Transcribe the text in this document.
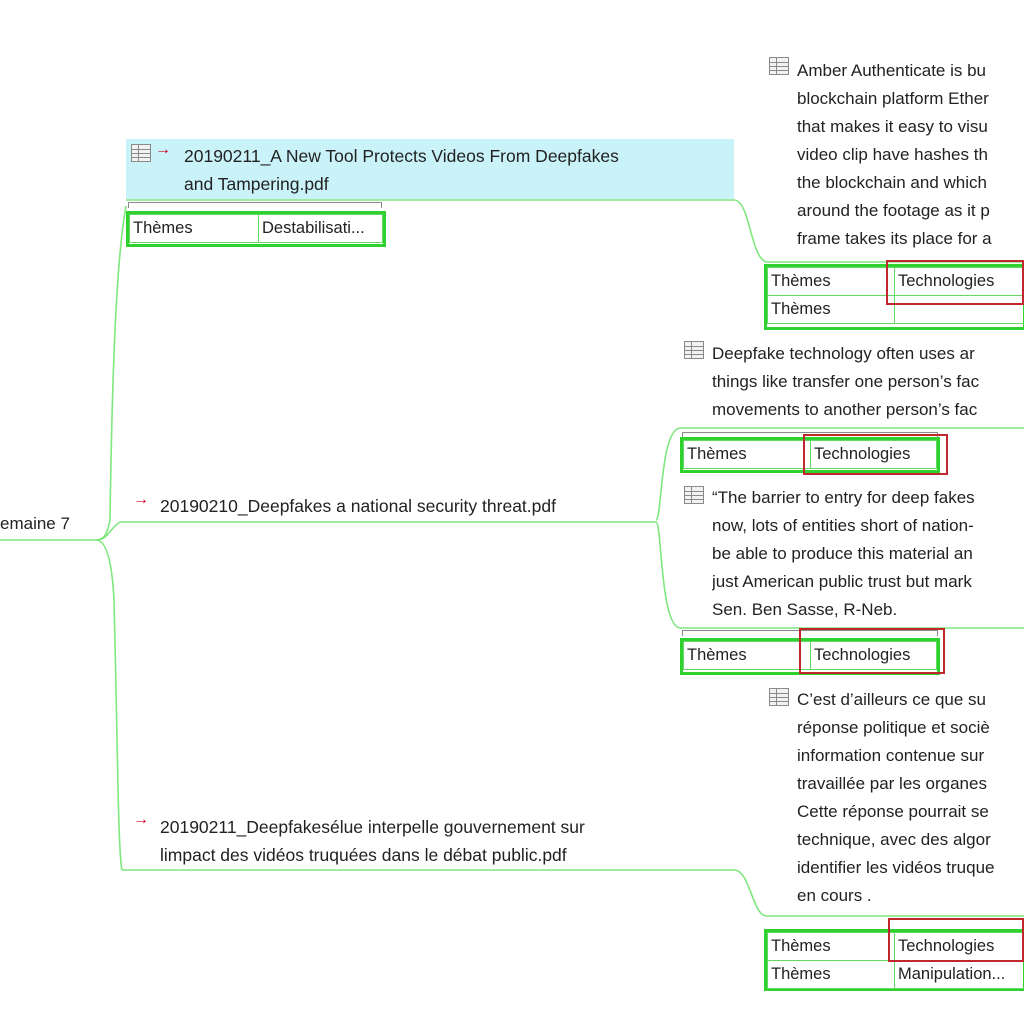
emaine 7
→ 20190211_A New Tool Protects Videos From Deepfakes
and Tampering.pdf
Thèmes	Destabilisati...
→ 20190210_Deepfakes a national security threat.pdf
→ 20190211_Deepfakesélue interpelle gouvernement sur
limpact des vidéos truquées dans le débat public.pdf
Amber Authenticate is bu
blockchain platform Ether
that makes it easy to visu
video clip have hashes th
the blockchain and which
around the footage as it p
frame takes its place for a
Thèmes	Technologies
Thèmes	
Deepfake technology often uses ar
things like transfer one person’s fac
movements to another person’s fac
Thèmes	Technologies
“The barrier to entry for deep fakes
now, lots of entities short of nation-
be able to produce this material an
just American public trust but mark
Sen. Ben Sasse, R-Neb.
Thèmes	Technologies
C’est d’ailleurs ce que su
réponse politique et sociè
information contenue sur
travaillée par les organes
Cette réponse pourrait se
technique, avec des algor
identifier les vidéos truque
en cours .
Thèmes	Technologies
Thèmes	Manipulation...
